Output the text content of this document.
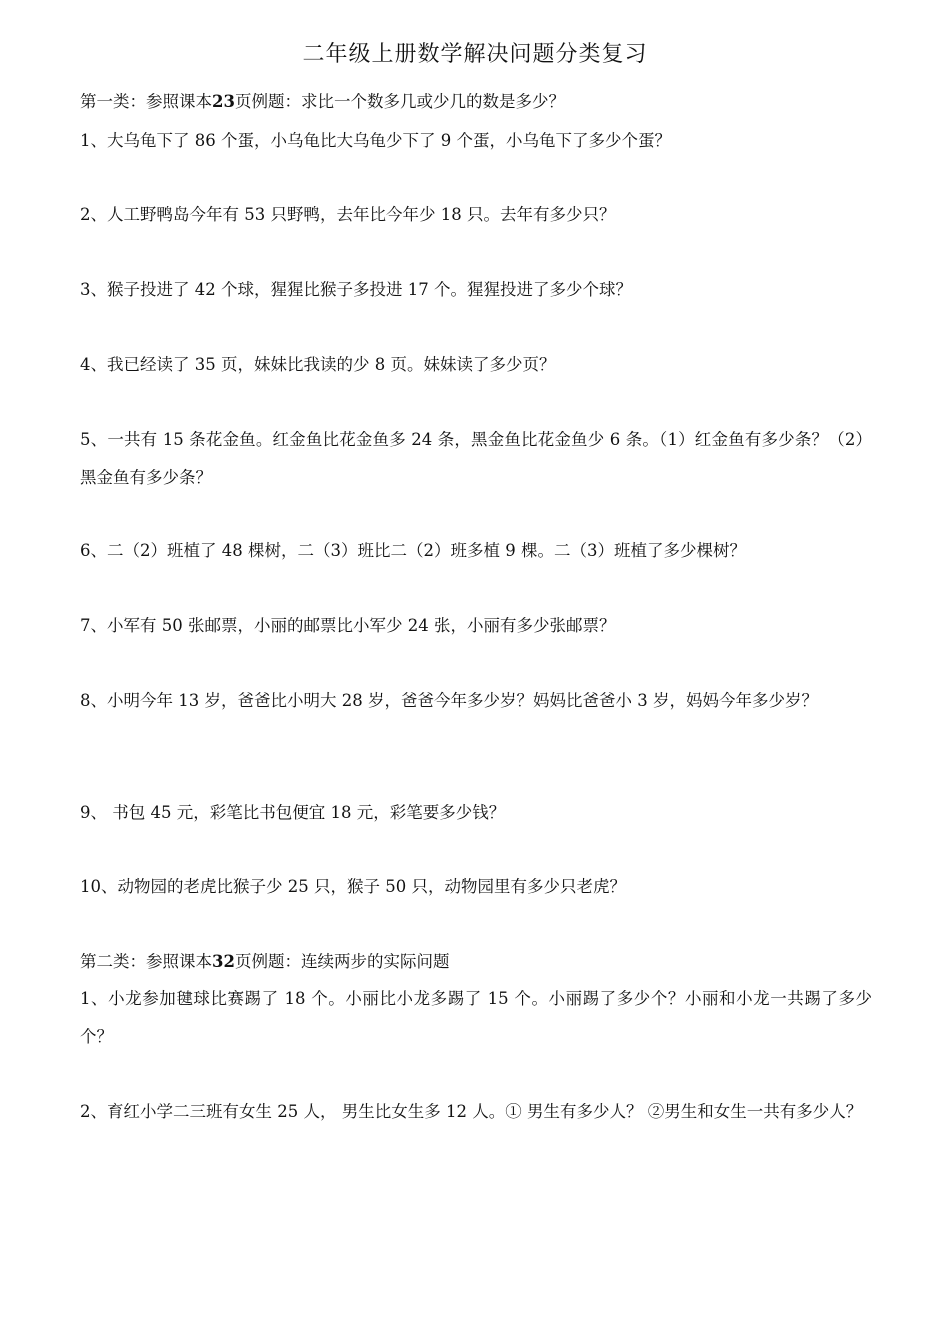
二年级上册数学解决问题分类复习
第一类：参照课本23页例题：求比一个数多几或少几的数是多少？
1、大乌龟下了 86 个蛋，小乌龟比大乌龟少下了 9 个蛋，小乌龟下了多少个蛋？
2、人工野鸭岛今年有 53 只野鸭，去年比今年少 18 只。去年有多少只？
3、猴子投进了 42 个球，猩猩比猴子多投进 17 个。猩猩投进了多少个球？
4、我已经读了 35 页，妹妹比我读的少 8 页。妹妹读了多少页？
5、一共有 15 条花金鱼。红金鱼比花金鱼多 24 条，黑金鱼比花金鱼少 6 条。（1）红金鱼有多少条？（2）黑金鱼有多少条？
6、二（2）班植了 48 棵树，二（3）班比二（2）班多植 9 棵。二（3）班植了多少棵树？
7、小军有 50 张邮票，小丽的邮票比小军少 24 张，小丽有多少张邮票？
8、小明今年 13 岁，爸爸比小明大 28 岁，爸爸今年多少岁？妈妈比爸爸小 3 岁，妈妈今年多少岁？
9、 书包 45 元，彩笔比书包便宜 18 元，彩笔要多少钱？
10、动物园的老虎比猴子少 25 只，猴子 50 只，动物园里有多少只老虎？
第二类：参照课本32页例题：连续两步的实际问题
1、小龙参加毽球比赛踢了 18 个。小丽比小龙多踢了 15 个。小丽踢了多少个？小丽和小龙一共踢了多少个？
2、育红小学二三班有女生 25 人， 男生比女生多 12 人。① 男生有多少人？ ②男生和女生一共有多少人？
